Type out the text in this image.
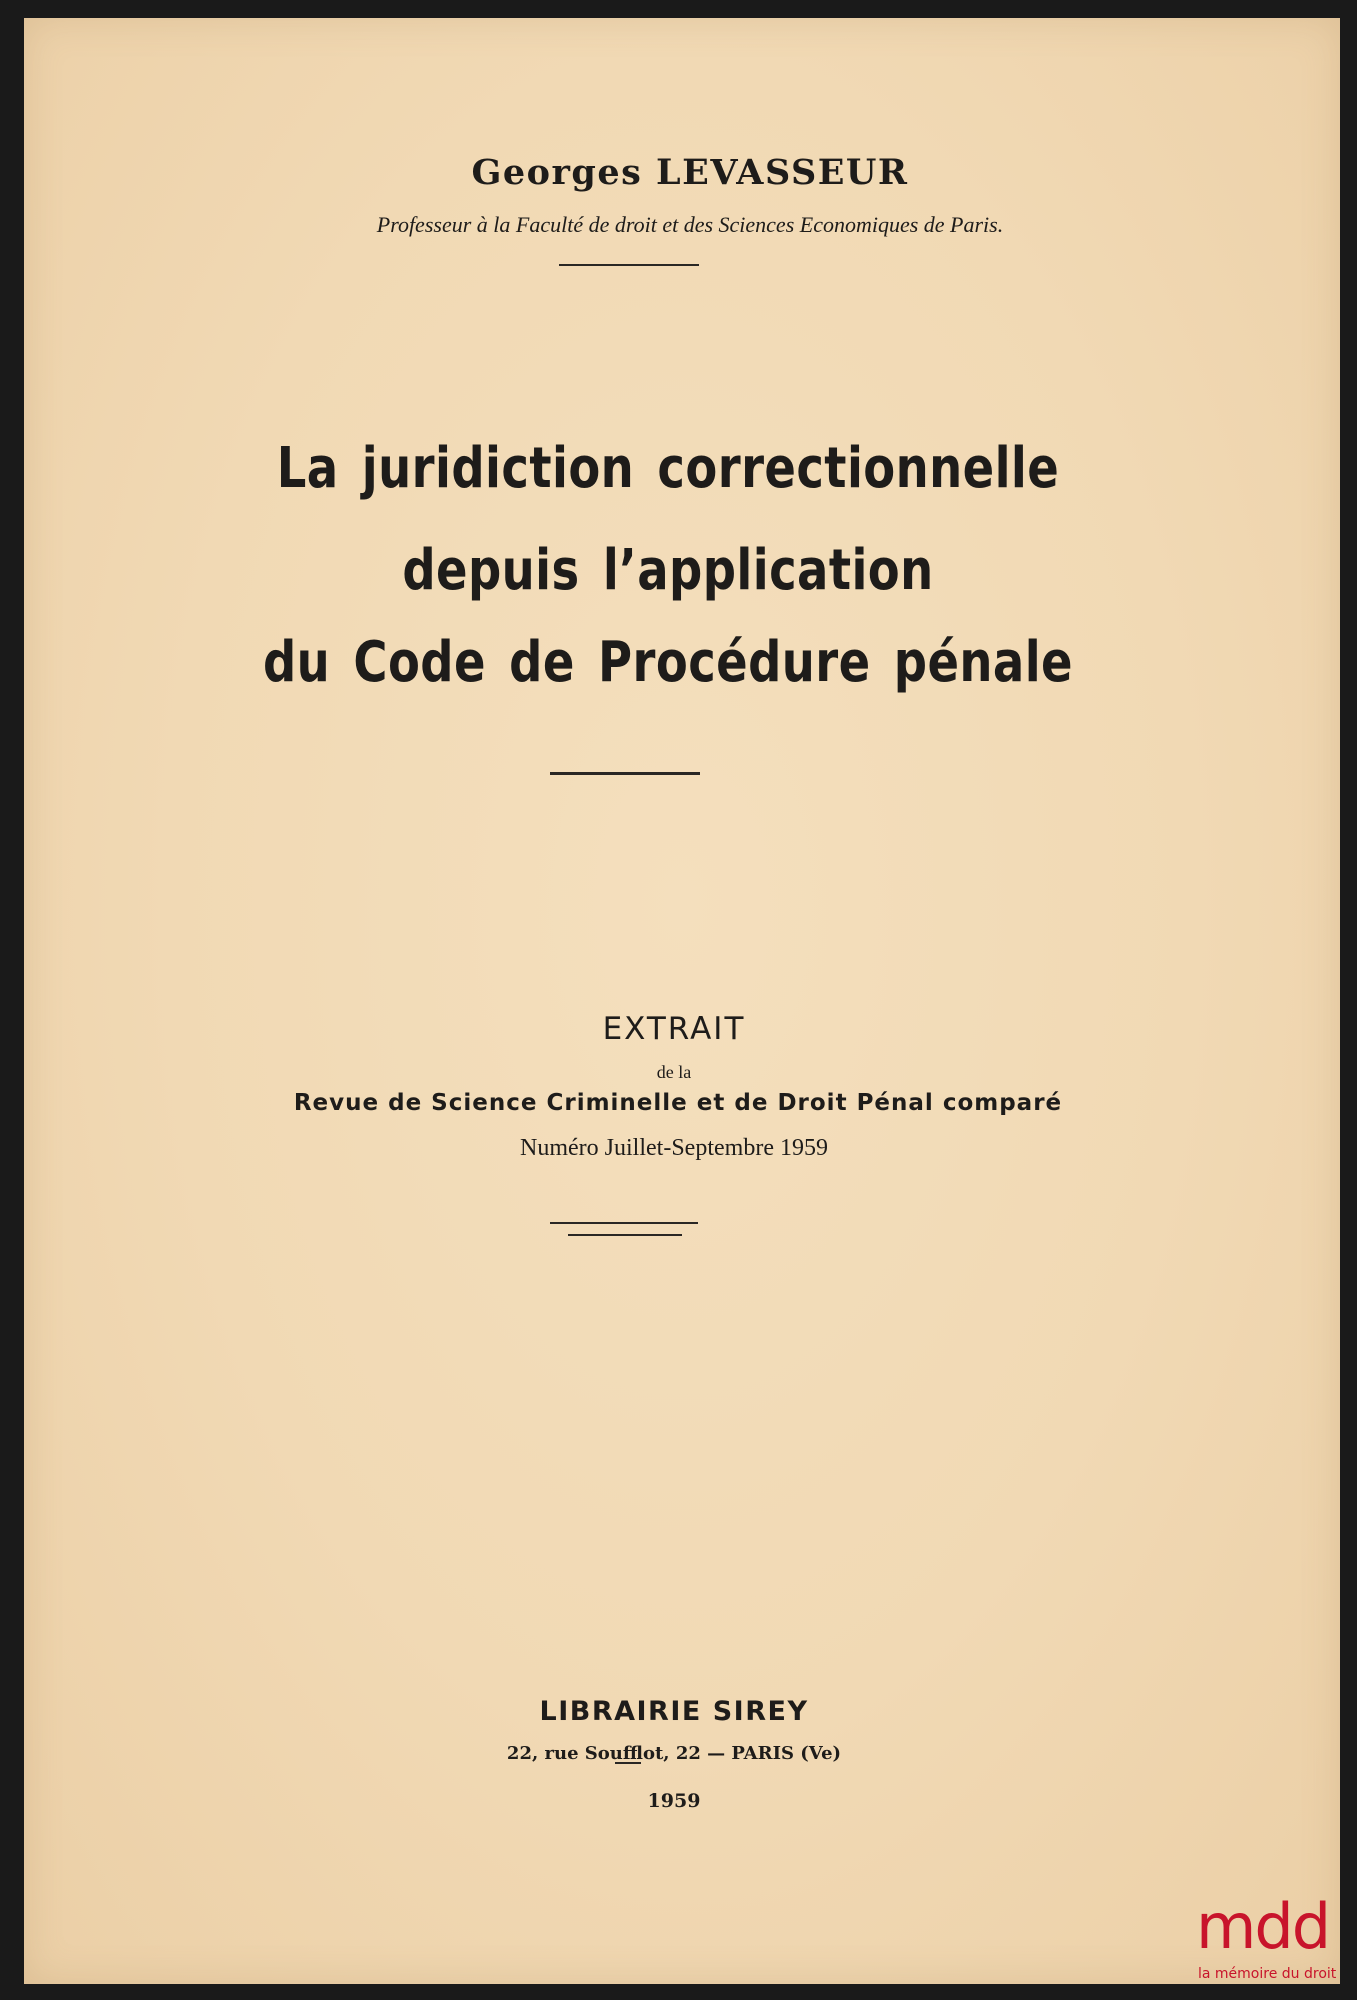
Georges LEVASSEUR
Professeur à la Faculté de droit et des Sciences Economiques de Paris.
La juridiction correctionnelle
depuis l’application
du Code de Procédure pénale
EXTRAIT
de la
Revue de Science Criminelle et de Droit Pénal comparé
Numéro Juillet-Septembre 1959
LIBRAIRIE SIREY
22, rue Soufflot, 22 — PARIS (Ve)
1959
mdd
la mémoire du droit
